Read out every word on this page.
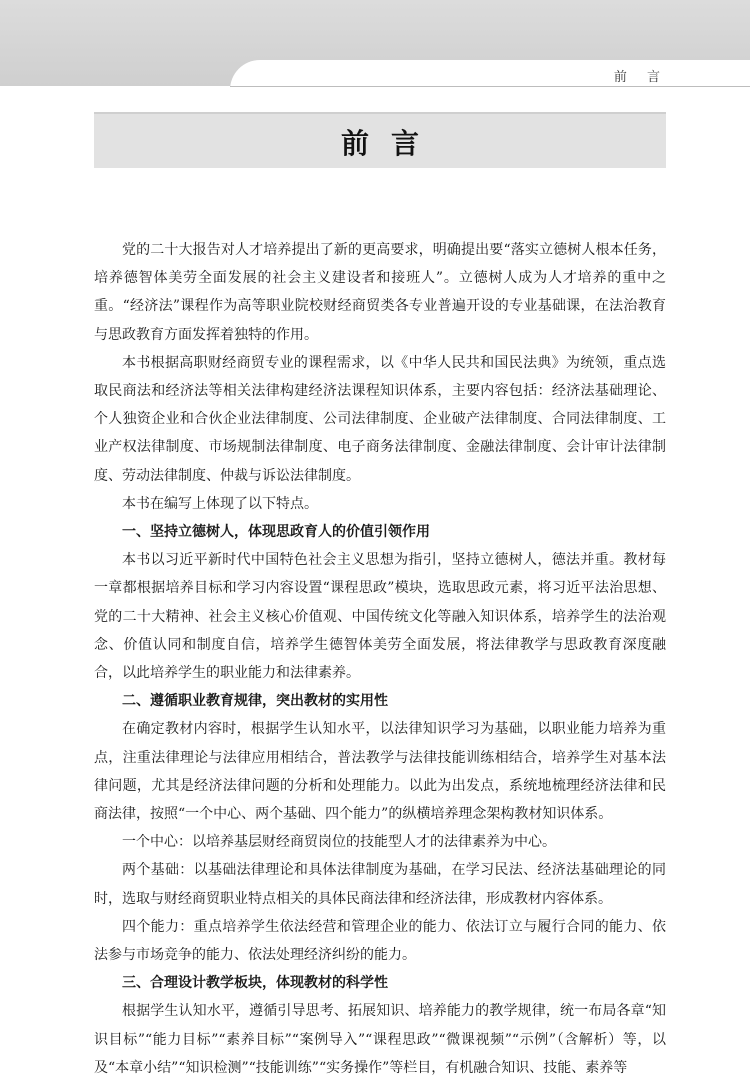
前 言
前言

党的二十大报告对人才培养提出了新的更高要求，明确提出要“落实立德树人根本任务，培养德智体美劳全面发展的社会主义建设者和接班人”。立德树人成为人才培养的重中之重。“经济法”课程作为高等职业院校财经商贸类各专业普遍开设的专业基础课，在法治教育与思政教育方面发挥着独特的作用。

本书根据高职财经商贸专业的课程需求，以《中华人民共和国民法典》为统领，重点选取民商法和经济法等相关法律构建经济法课程知识体系，主要内容包括：经济法基础理论、个人独资企业和合伙企业法律制度、公司法律制度、企业破产法律制度、合同法律制度、工业产权法律制度、市场规制法律制度、电子商务法律制度、金融法律制度、会计审计法律制度、劳动法律制度、仲裁与诉讼法律制度。

本书在编写上体现了以下特点。

一、坚持立德树人，体现思政育人的价值引领作用

本书以习近平新时代中国特色社会主义思想为指引，坚持立德树人，德法并重。教材每一章都根据培养目标和学习内容设置“课程思政”模块，选取思政元素，将习近平法治思想、党的二十大精神、社会主义核心价值观、中国传统文化等融入知识体系，培养学生的法治观念、价值认同和制度自信，培养学生德智体美劳全面发展，将法律教学与思政教育深度融合，以此培养学生的职业能力和法律素养。

二、遵循职业教育规律，突出教材的实用性

在确定教材内容时，根据学生认知水平，以法律知识学习为基础，以职业能力培养为重点，注重法律理论与法律应用相结合，普法教学与法律技能训练相结合，培养学生对基本法律问题，尤其是经济法律问题的分析和处理能力。以此为出发点，系统地梳理经济法律和民商法律，按照“一个中心、两个基础、四个能力”的纵横培养理念架构教材知识体系。

一个中心：以培养基层财经商贸岗位的技能型人才的法律素养为中心。

两个基础：以基础法律理论和具体法律制度为基础，在学习民法、经济法基础理论的同时，选取与财经商贸职业特点相关的具体民商法律和经济法律，形成教材内容体系。

四个能力：重点培养学生依法经营和管理企业的能力、依法订立与履行合同的能力、依法参与市场竞争的能力、依法处理经济纠纷的能力。

三、合理设计教学板块，体现教材的科学性

根据学生认知水平，遵循引导思考、拓展知识、培养能力的教学规律，统一布局各章“知识目标”“能力目标”“素养目标”“案例导入”“课程思政”“微课视频”“示例”（含解析）等，以及“本章小结”“知识检测”“技能训练”“实务操作”等栏目，有机融合知识、技能、素养等
